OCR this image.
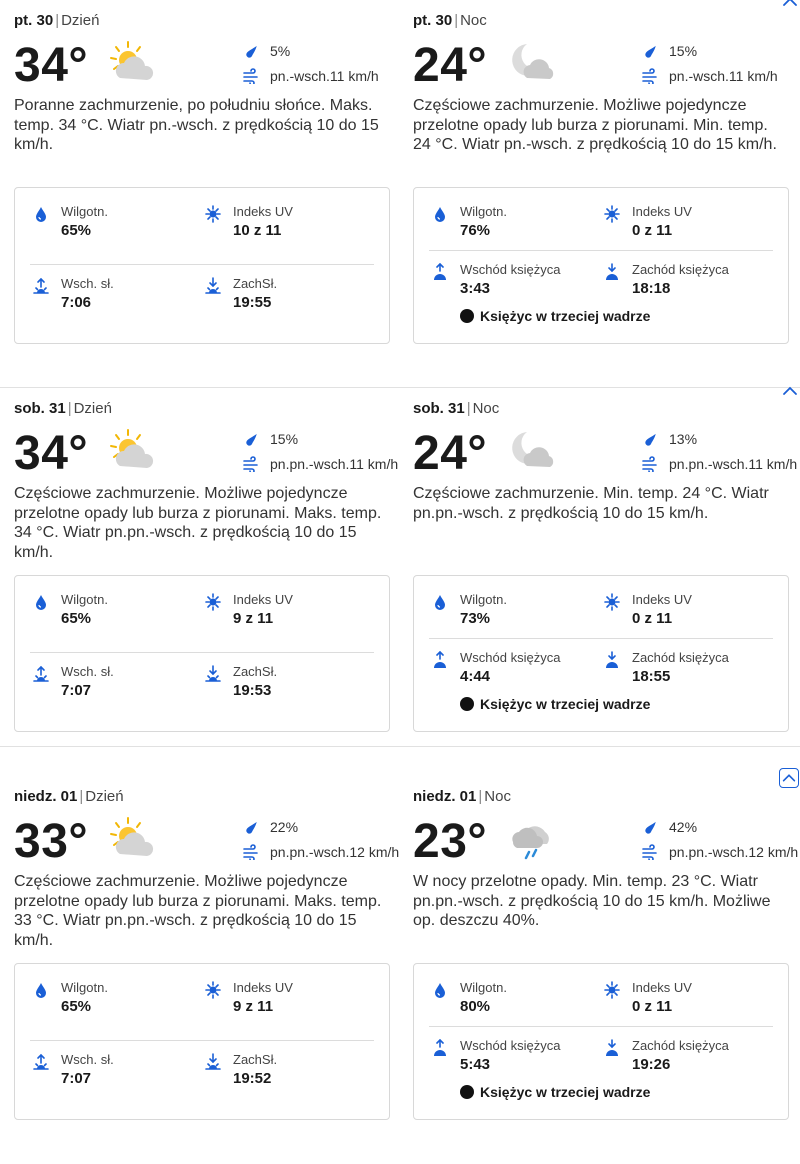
pt. 30 | Dzień
34°	5%
pn.-wsch.11 km/h
Poranne zachmurzenie, po południu słońce. Maks. temp. 34 °C. Wiatr pn.-wsch. z prędkością 10 do 15 km/h.
Wilgotn.
65%
Indeks UV
10 z 11
Wsch. sł.
7:06
ZachSł.
19:55
pt. 30 | Noc
24°	15%
pn.-wsch.11 km/h
Częściowe zachmurzenie. Możliwe pojedyncze przelotne opady lub burza z piorunami. Min. temp. 24 °C. Wiatr pn.-wsch. z prędkością 10 do 15 km/h.
Wilgotn.
76%
Indeks UV
0 z 11
Wschód księżyca
3:43
Zachód księżyca
18:18
Księżyc w trzeciej wadrze
sob. 31 | Dzień
34°	15%
pn.pn.-wsch.11 km/h
Częściowe zachmurzenie. Możliwe pojedyncze przelotne opady lub burza z piorunami. Maks. temp. 34 °C. Wiatr pn.pn.-wsch. z prędkością 10 do 15 km/h.
Wilgotn.
65%
Indeks UV
9 z 11
Wsch. sł.
7:07
ZachSł.
19:53
sob. 31 | Noc
24°	13%
pn.pn.-wsch.11 km/h
Częściowe zachmurzenie. Min. temp. 24 °C. Wiatr pn.pn.-wsch. z prędkością 10 do 15 km/h.
Wilgotn.
73%
Indeks UV
0 z 11
Wschód księżyca
4:44
Zachód księżyca
18:55
Księżyc w trzeciej wadrze
niedz. 01 | Dzień
33°	22%
pn.pn.-wsch.12 km/h
Częściowe zachmurzenie. Możliwe pojedyncze przelotne opady lub burza z piorunami. Maks. temp. 33 °C. Wiatr pn.pn.-wsch. z prędkością 10 do 15 km/h.
Wilgotn.
65%
Indeks UV
9 z 11
Wsch. sł.
7:07
ZachSł.
19:52
niedz. 01 | Noc
23°	42%
pn.pn.-wsch.12 km/h
W nocy przelotne opady. Min. temp. 23 °C. Wiatr pn.pn.-wsch. z prędkością 10 do 15 km/h. Możliwe op. deszczu 40%.
Wilgotn.
80%
Indeks UV
0 z 11
Wschód księżyca
5:43
Zachód księżyca
19:26
Księżyc w trzeciej wadrze
